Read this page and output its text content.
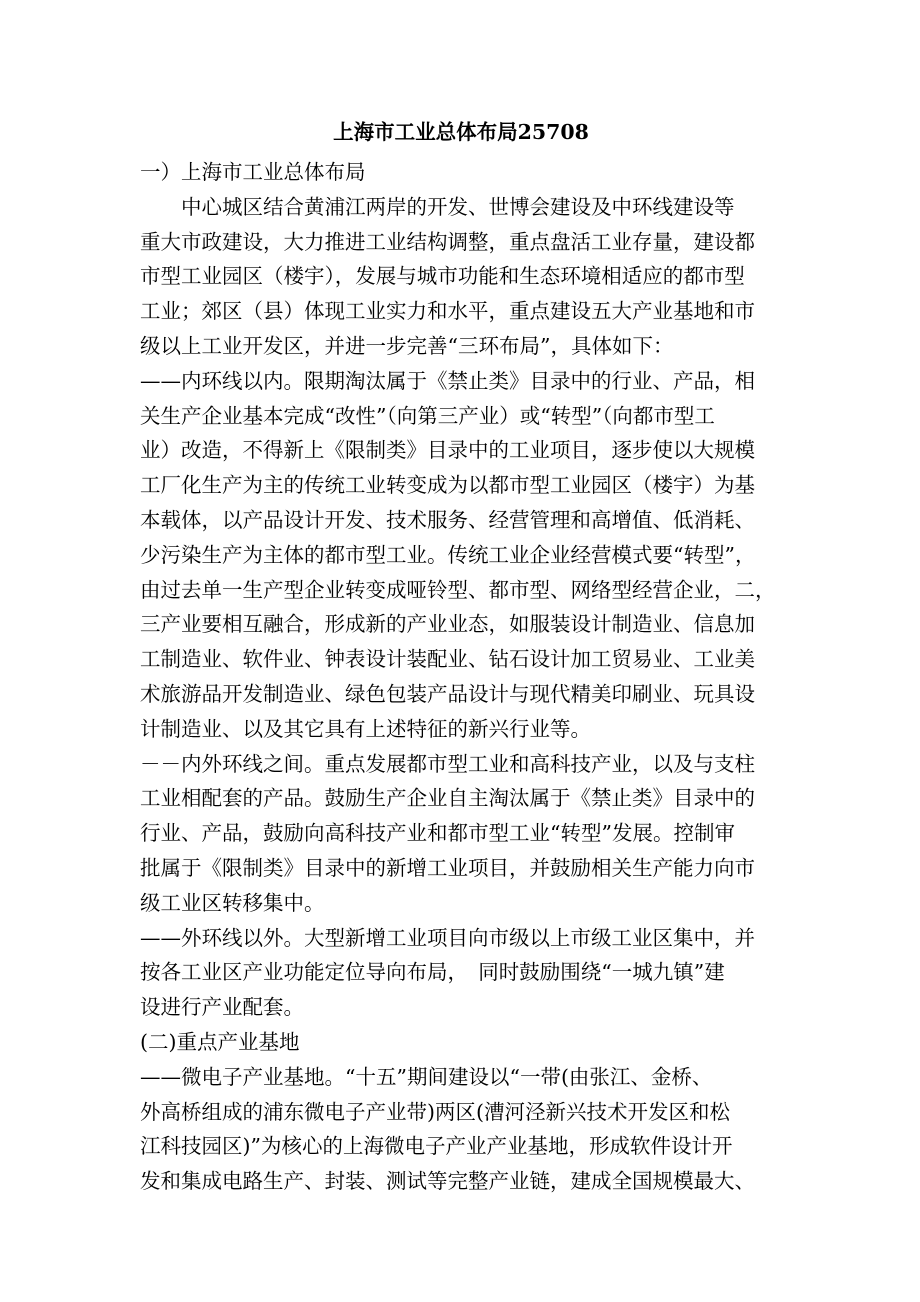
上海市工业总体布局25708

一）上海市工业总体布局

　　中心城区结合黄浦江两岸的开发、世博会建设及中环线建设等

重大市政建设，大力推进工业结构调整，重点盘活工业存量，建设都

市型工业园区（楼宇），发展与城市功能和生态环境相适应的都市型

工业；郊区（县）体现工业实力和水平，重点建设五大产业基地和市

级以上工业开发区，并进一步完善“三环布局”，具体如下：

——内环线以内。限期淘汰属于《禁止类》目录中的行业、产品，相

关生产企业基本完成“改性”（向第三产业）或“转型”（向都市型工

业）改造，不得新上《限制类》目录中的工业项目，逐步使以大规模

工厂化生产为主的传统工业转变成为以都市型工业园区（楼宇）为基

本载体，以产品设计开发、技术服务、经营管理和高增值、低消耗、

少污染生产为主体的都市型工业。传统工业企业经营模式要“转型”，

由过去单一生产型企业转变成哑铃型、都市型、网络型经营企业，二，

三产业要相互融合，形成新的产业业态，如服装设计制造业、信息加

工制造业、软件业、钟表设计装配业、钻石设计加工贸易业、工业美

术旅游品开发制造业、绿色包装产品设计与现代精美印刷业、玩具设

计制造业、以及其它具有上述特征的新兴行业等。

－－内外环线之间。重点发展都市型工业和高科技产业，以及与支柱

工业相配套的产品。鼓励生产企业自主淘汰属于《禁止类》目录中的

行业、产品，鼓励向高科技产业和都市型工业“转型”发展。控制审

批属于《限制类》目录中的新增工业项目，并鼓励相关生产能力向市

级工业区转移集中。

——外环线以外。大型新增工业项目向市级以上市级工业区集中，并

按各工业区产业功能定位导向布局，　同时鼓励围绕“一城九镇”建

设进行产业配套。

(二)重点产业基地

——微电子产业基地。“十五”期间建设以“一带(由张江、金桥、

外高桥组成的浦东微电子产业带)两区(漕河泾新兴技术开发区和松

江科技园区)”为核心的上海微电子产业产业基地，形成软件设计开

发和集成电路生产、封装、测试等完整产业链，建成全国规模最大、
